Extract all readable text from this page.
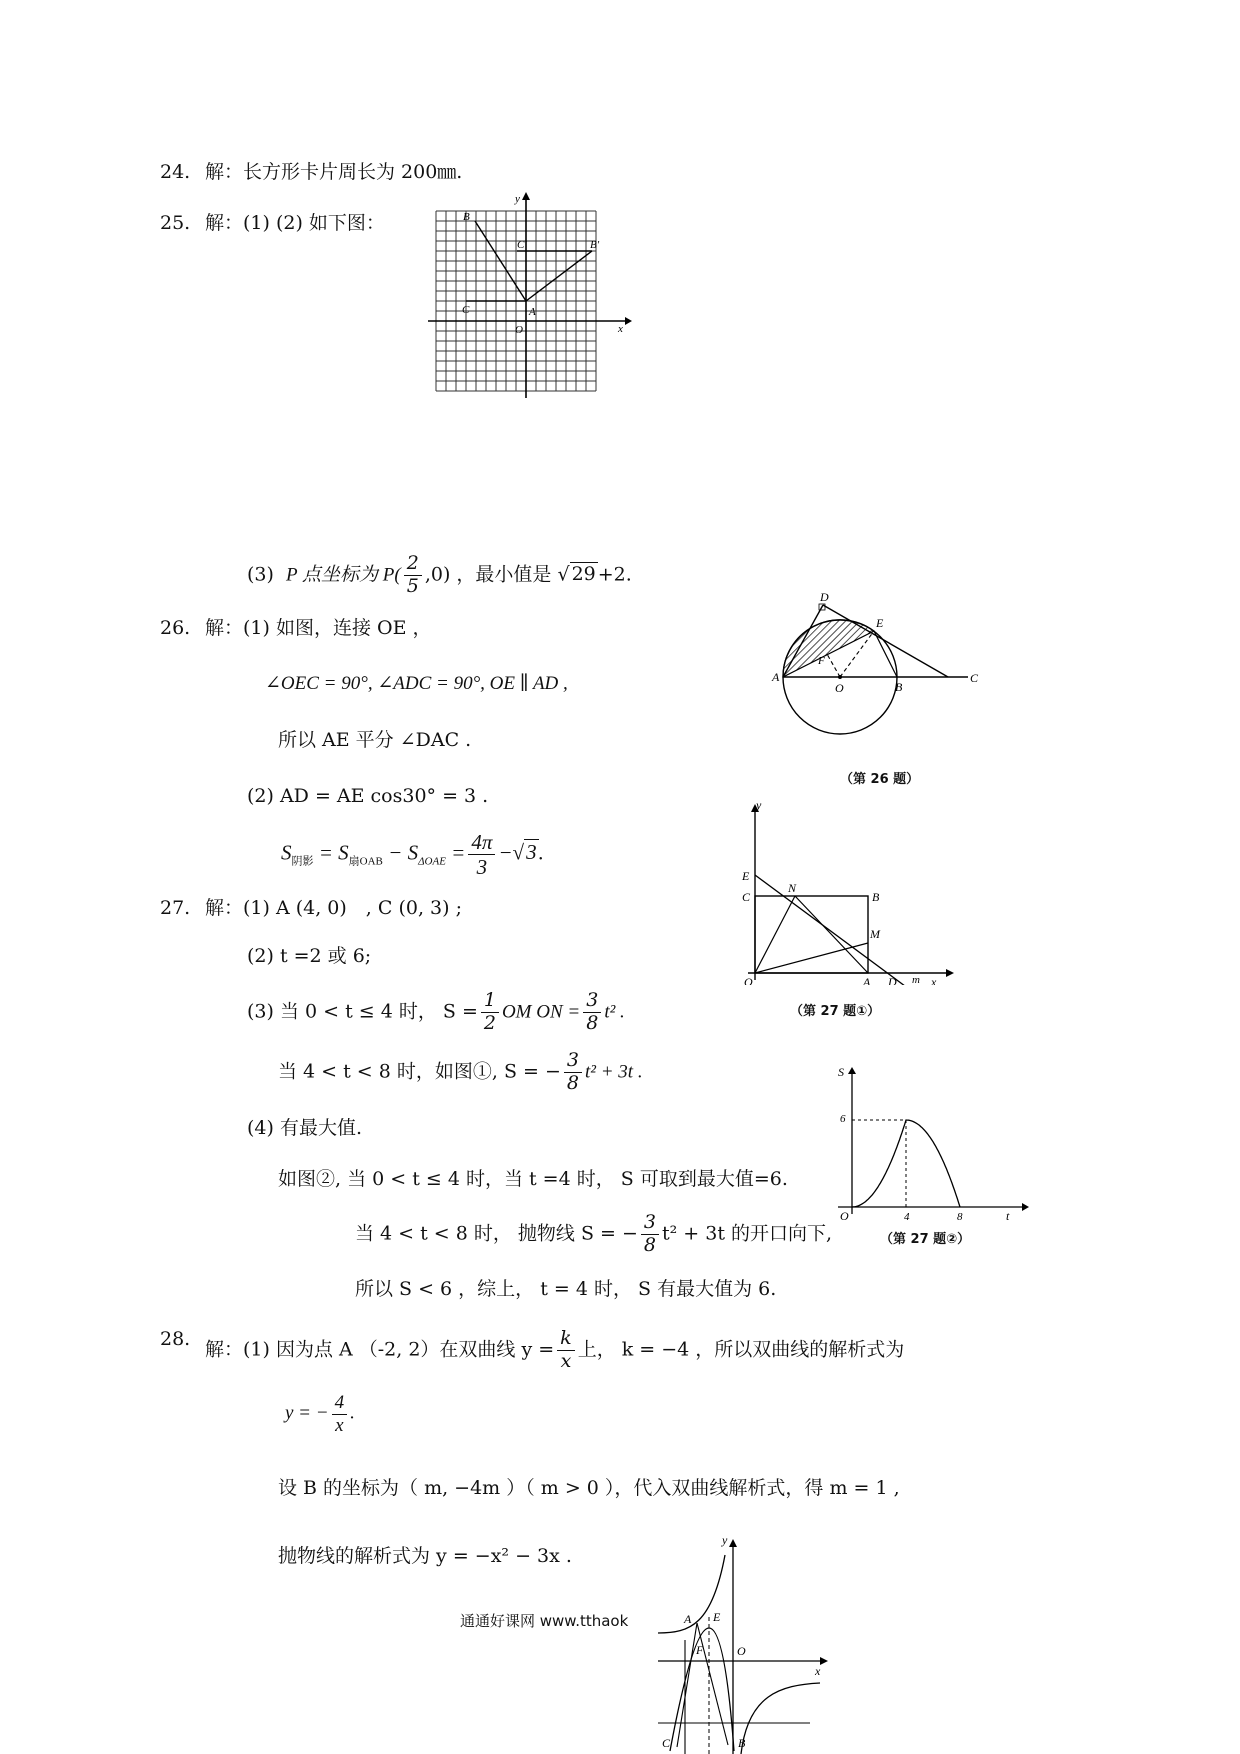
24. 解：长方形卡片周长为 200㎜.
25. 解：(1) (2) 如下图：	B
C′	B′
C	A
O	x
y
(3) P 点坐标为 $P( \frac{2}{5} ,0)$ ，最小值是 √ 29 +2.
26. 解：(1) 如图，连接 OE ，
∠OEC = 90°, ∠ADC = 90°, OE ∥ AD ,
所以 AE 平分 ∠DAC .
(2) AD = AE cos30° = 3 .
$S_{阴影} = S_{扇OAB} - S_{\Delta OAE} = \frac{4\pi}{3} -√3$.
D
E
A
F
O	B
C
（第 26 题）
27. 解：(1) A (4, 0)　, C (0, 3) ;
(2) t =2 或 6;
(3) 当 0 < t ≤ 4 时， $S = \frac{1}{2}$ OM ON = $\frac{3}{8} t^2$ .
当 4 < t < 8 时，如图①, S = − $\frac{3}{8} t^2 + 3t$ .
(4) 有最大值.
如图②, 当 0 < t ≤ 4 时，当 t =4 时， S 可取到最大值=6.
当 4 < t < 8 时， 抛物线 S = − $\frac{3}{8} t^2 + 3t$ 的开口向下,
所以 S < 6 ，综上， t = 4 时， S 有最大值为 6.
y
E
C
N
B
M
O	A D m x
（第 27 题①）
S
6
O	4	8	t
（第 27 题②）
28. 解：(1) 因为点 A （-2, 2）在双曲线 $y = \frac{k}{x}$ 上， k = −4 ，所以双曲线的解析式为
y = − $\frac{4}{x}$ .
设 B 的坐标为（ m, −4m ）（ m > 0 ），代入双曲线解析式，得 m = 1 ,
抛物线的解析式为 y = −x² − 3x .
y
A E
F	O
x
C	B
通通好课网 www.tthaok
